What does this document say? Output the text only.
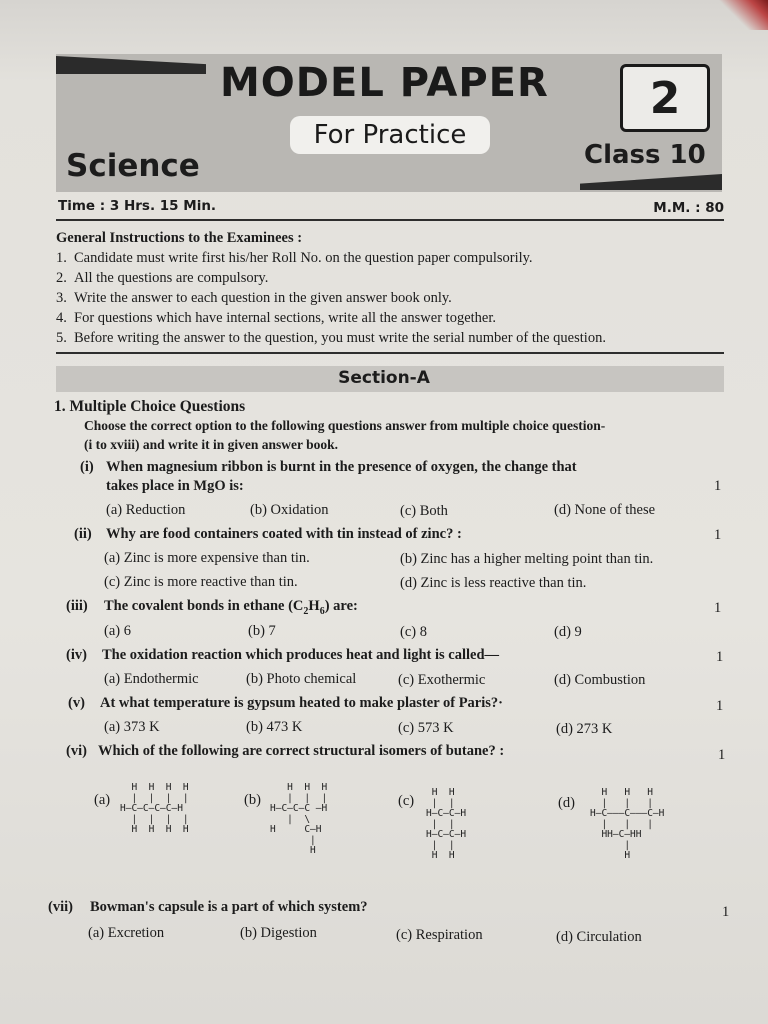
MODEL PAPER	2
For Practice
Science	Class 10
Time : 3 Hrs. 15 Min.	M.M. : 80
General Instructions to the Examinees :
1. Candidate must write first his/her Roll No. on the question paper compulsorily.
2. All the questions are compulsory.
3. Write the answer to each question in the given answer book only.
4. For questions which have internal sections, write all the answer together.
5. Before writing the answer to the question, you must write the serial number of the question.
Section-A
1. Multiple Choice Questions
Choose the correct option to the following questions answer from multiple choice question-
(i to xviii) and write it in given answer book.
(i) When magnesium ribbon is burnt in the presence of oxygen, the change that
takes place in MgO is:	1
(a) Reduction	(b) Oxidation	(c) Both	(d) None of these
(ii) Why are food containers coated with tin instead of zinc? :	1
(a) Zinc is more expensive than tin.	(b) Zinc has a higher melting point than tin.
(c) Zinc is more reactive than tin.	(d) Zinc is less reactive than tin.
(iii) The covalent bonds in ethane $(C_2H_6)$ are:	1
(a) 6	(b) 7	(c) 8	(d) 9
(iv) The oxidation reaction which produces heat and light is called—	1
(a) Endothermic	(b) Photo chemical	(c) Exothermic	(d) Combustion
(v) At what temperature is gypsum heated to make plaster of Paris?·	1
(a) 373 K	(b) 473 K	(c) 573 K	(d) 273 K
(vi) Which of the following are correct structural isomers of butane? :	1
(a)
H  H  H  H
|  |  |  |
H—C—C—C—C—H
|  |  |  |
H  H  H  H
(b)
H  H  H
|  |  |
H—C—C—C —H
|  \
H     C—H
|
H
(c)
H  H
|  |
H—C—C—H
|  |
H—C—C—H
|  |
H  H
(d)
H   H   H
|   |   |
H—C———C———C—H
|   |   |
HH—C—HH
|
H
(vii) Bowman's capsule is a part of which system?	1
(a) Excretion	(b) Digestion	(c) Respiration	(d) Circulation
